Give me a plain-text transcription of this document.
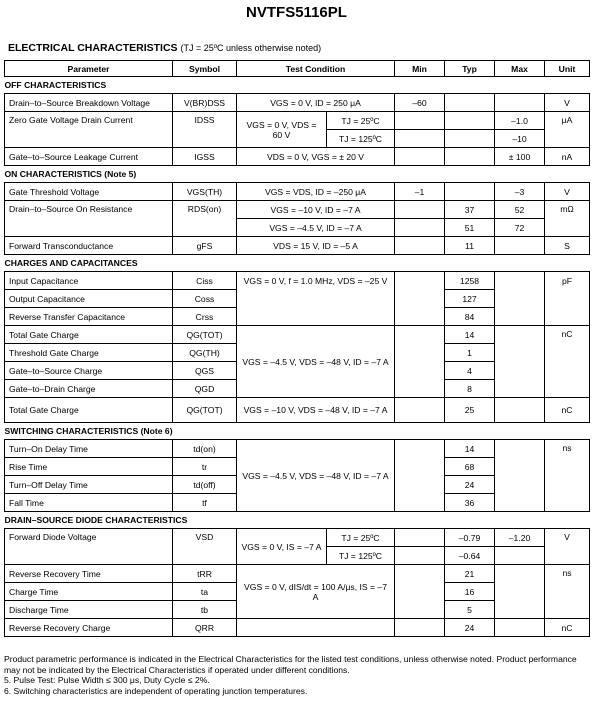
NVTFS5116PL
ELECTRICAL CHARACTERISTICS (TJ = 25ºC unless otherwise noted)
Parameter	Symbol	Test Condition		Min	Typ	Max	Unit
OFF CHARACTERISTICS							
Drain–to–Source Breakdown Voltage	V(BR)DSS	VGS = 0 V, ID = 250 μA		–60			V
Zero Gate Voltage Drain Current	IDSS	VGS = 0 V, VDS = 60 V	TJ = 25ºC			–1.0	μA
			TJ = 125ºC			–10	
Gate–to–Source Leakage Current	IGSS	VDS = 0 V, VGS = ± 20 V				± 100	nA
ON CHARACTERISTICS (Note 5)							
Gate Threshold Voltage	VGS(TH)	VGS = VDS, ID = –250 μA		–1		–3	V
Drain–to–Source On Resistance	RDS(on)	VGS = –10 V, ID = –7 A			37	52	mΩ
		VGS = –4.5 V, ID = –7 A			51	72	
Forward Transconductance	gFS	VDS = 15 V, ID = –5 A			11		S
CHARGES AND CAPACITANCES							
Input Capacitance	Ciss	VGS = 0 V, f = 1.0 MHz, VDS = –25 V			1258		pF
Output Capacitance	Coss				127		
Reverse Transfer Capacitance	Crss				84		
Total Gate Charge	QG(TOT)	VGS = –4.5 V, VDS = –48 V, ID = –7 A			14		nC
Threshold Gate Charge	QG(TH)				1		
Gate–to–Source Charge	QGS				4		
Gate–to–Drain Charge	QGD				8		
Total Gate Charge	QG(TOT)	VGS = –10 V, VDS = –48 V, ID = –7 A			25		nC
SWITCHING CHARACTERISTICS (Note 6)							
Turn–On Delay Time	td(on)	VGS = –4.5 V, VDS = –48 V, ID = –7 A			14		ns
Rise Time	tr				68		
Turn–Off Delay Time	td(off)				24		
Fall Time	tf				36		
DRAIN–SOURCE DIODE CHARACTERISTICS							
Forward Diode Voltage	VSD	VGS = 0 V, IS = –7 A	TJ = 25ºC		–0.79	–1.20	V
			TJ = 125ºC		–0.64		
Reverse Recovery Time	tRR	VGS = 0 V, dIS/dt = 100 A/μs, IS = –7 A			21		ns
Charge Time	ta				16		
Discharge Time	tb				5		
Reverse Recovery Charge	QRR				24		nC

Product parametric performance is indicated in the Electrical Characteristics for the listed test conditions, unless otherwise noted. Product performance may not be indicated by the Electrical Characteristics if operated under different conditions.

5. Pulse Test: Pulse Width ≤ 300 μs, Duty Cycle ≤ 2%.

6. Switching characteristics are independent of operating junction temperatures.
